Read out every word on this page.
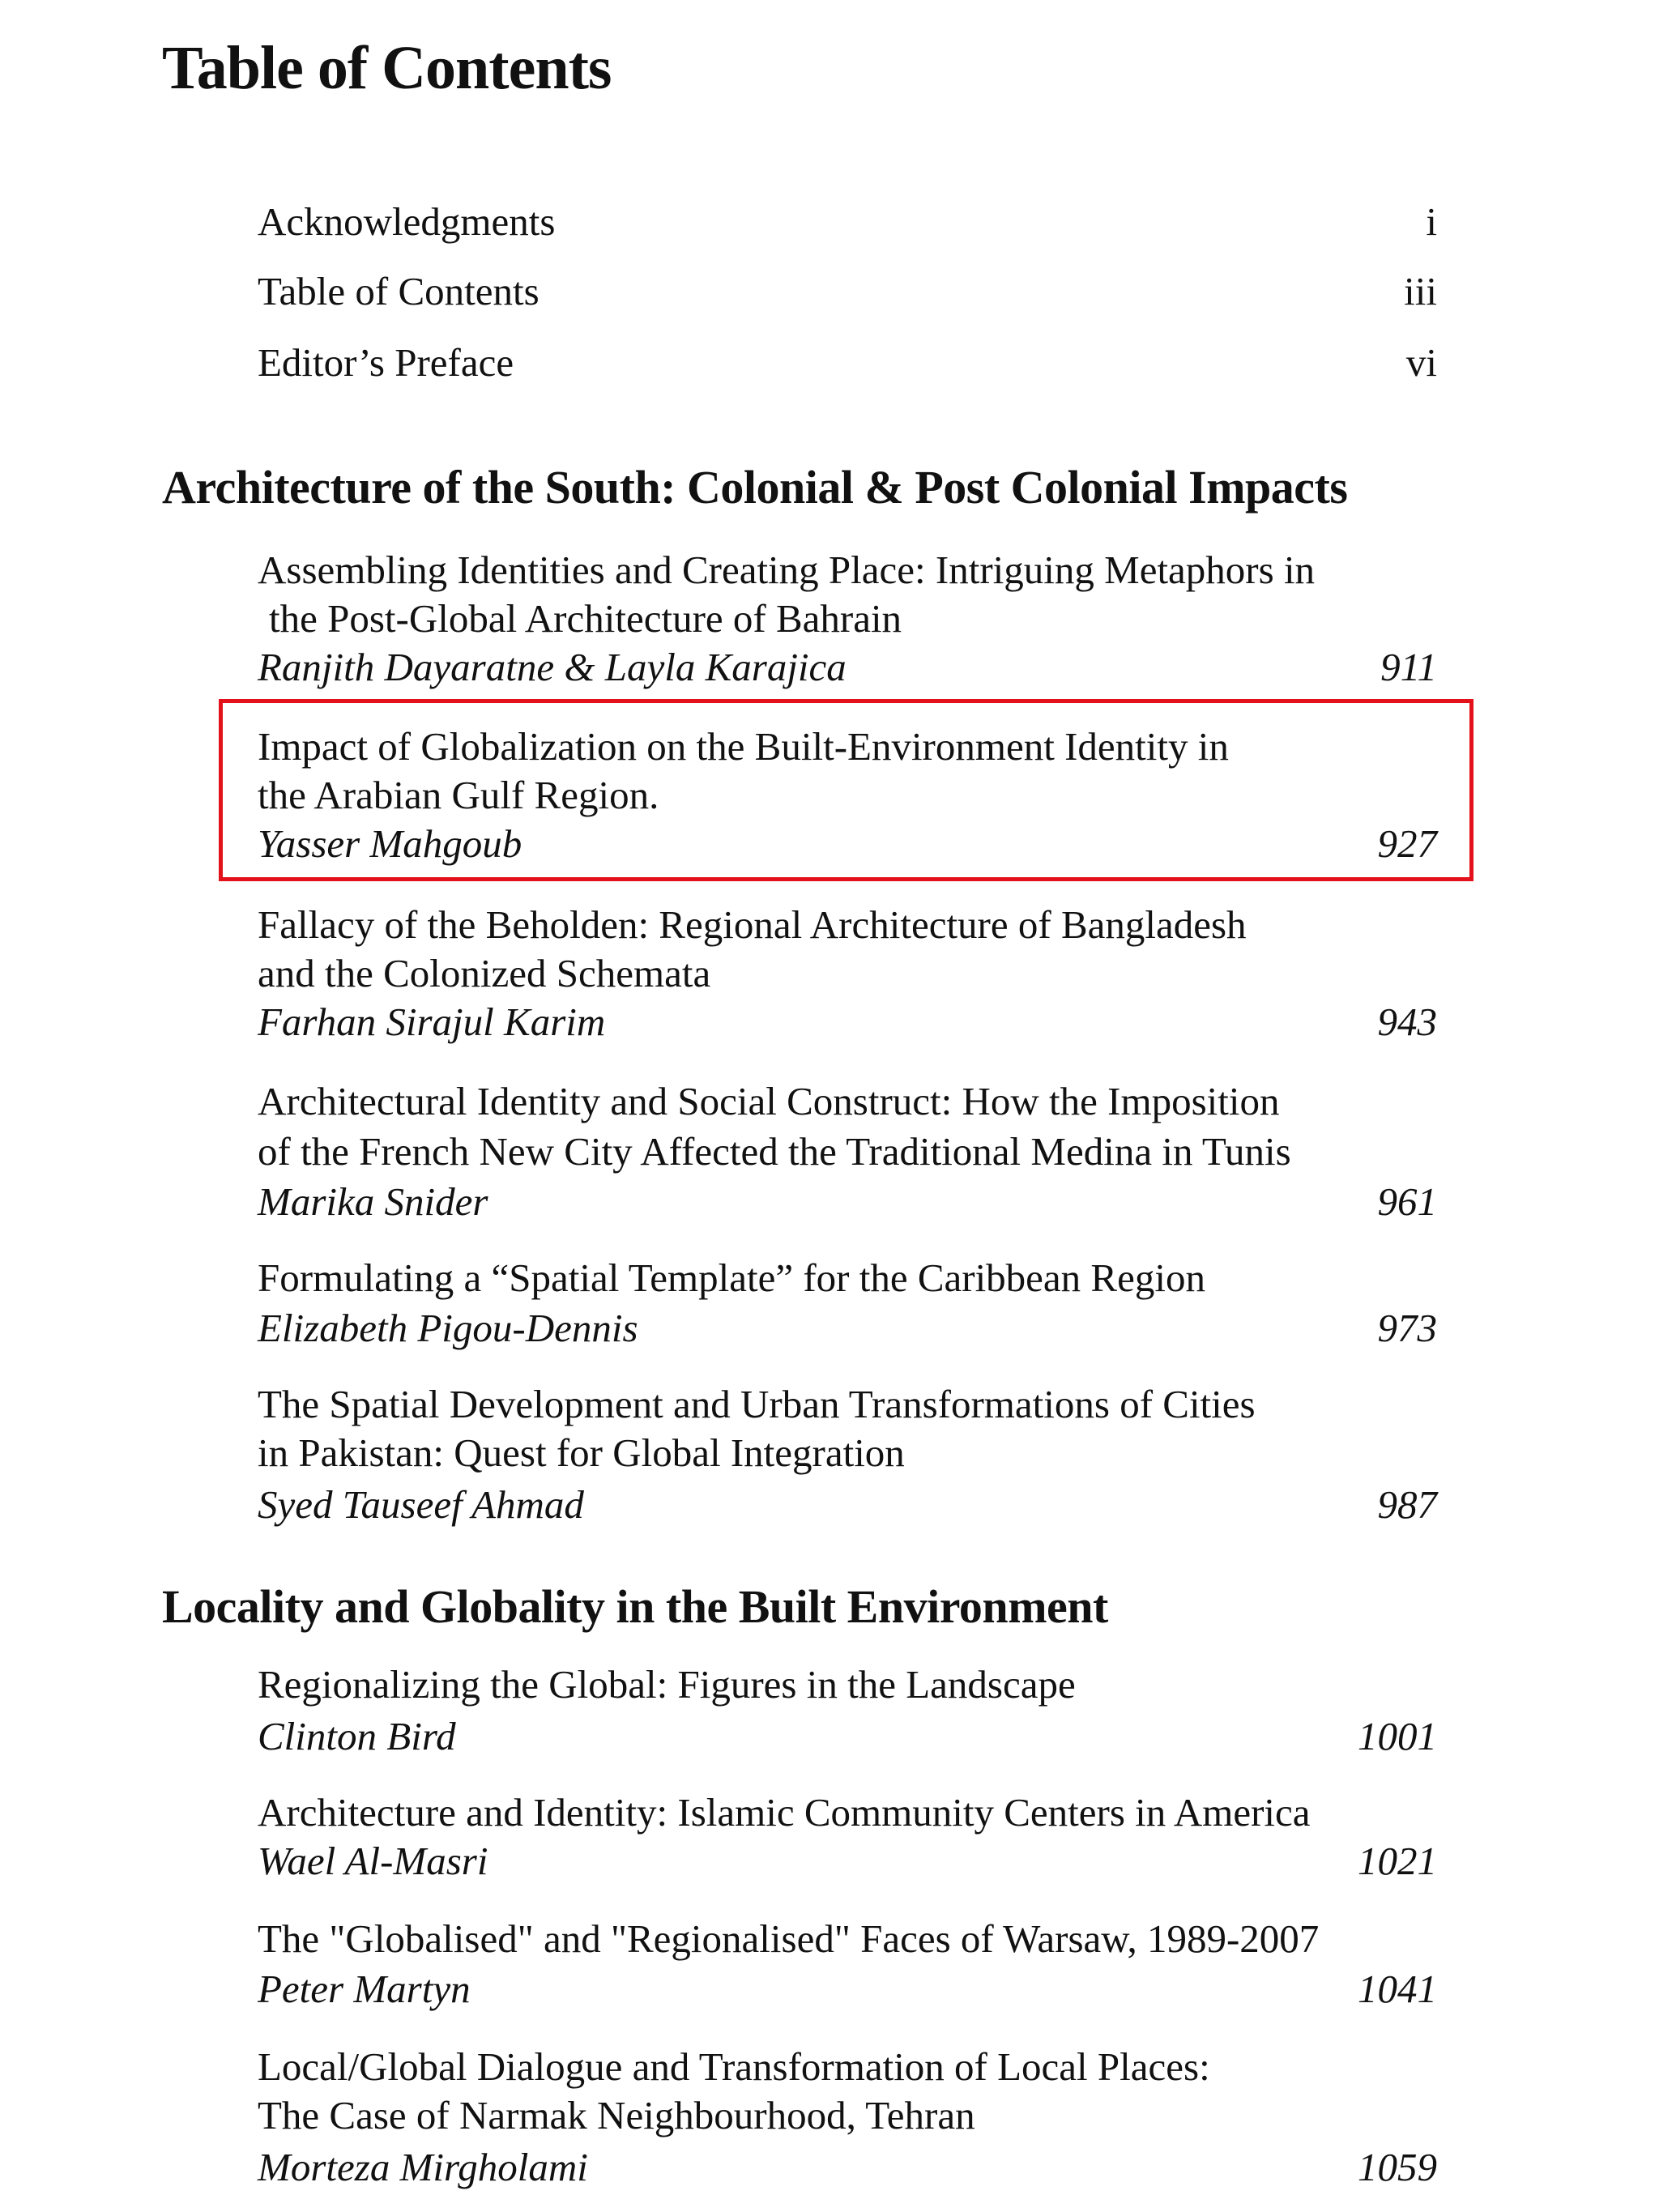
Table of Contents
Acknowledgments	i
Table of Contents	iii
Editor’s Preface	vi
Architecture of the South: Colonial & Post Colonial Impacts
Assembling Identities and Creating Place: Intriguing Metaphors in
the Post-Global Architecture of Bahrain
Ranjith Dayaratne & Layla Karajica	911
Impact of Globalization on the Built-Environment Identity in
the Arabian Gulf Region.
Yasser Mahgoub	927
Fallacy of the Beholden: Regional Architecture of Bangladesh
and the Colonized Schemata
Farhan Sirajul Karim	943
Architectural Identity and Social Construct: How the Imposition
of the French New City Affected the Traditional Medina in Tunis
Marika Snider	961
Formulating a “Spatial Template” for the Caribbean Region
Elizabeth Pigou-Dennis	973
The Spatial Development and Urban Transformations of Cities
in Pakistan: Quest for Global Integration
Syed Tauseef Ahmad	987
Locality and Globality in the Built Environment
Regionalizing the Global: Figures in the Landscape
Clinton Bird	1001
Architecture and Identity: Islamic Community Centers in America
Wael Al-Masri	1021
The "Globalised" and "Regionalised" Faces of Warsaw, 1989-2007
Peter Martyn	1041
Local/Global Dialogue and Transformation of Local Places:
The Case of Narmak Neighbourhood, Tehran
Morteza Mirgholami	1059
